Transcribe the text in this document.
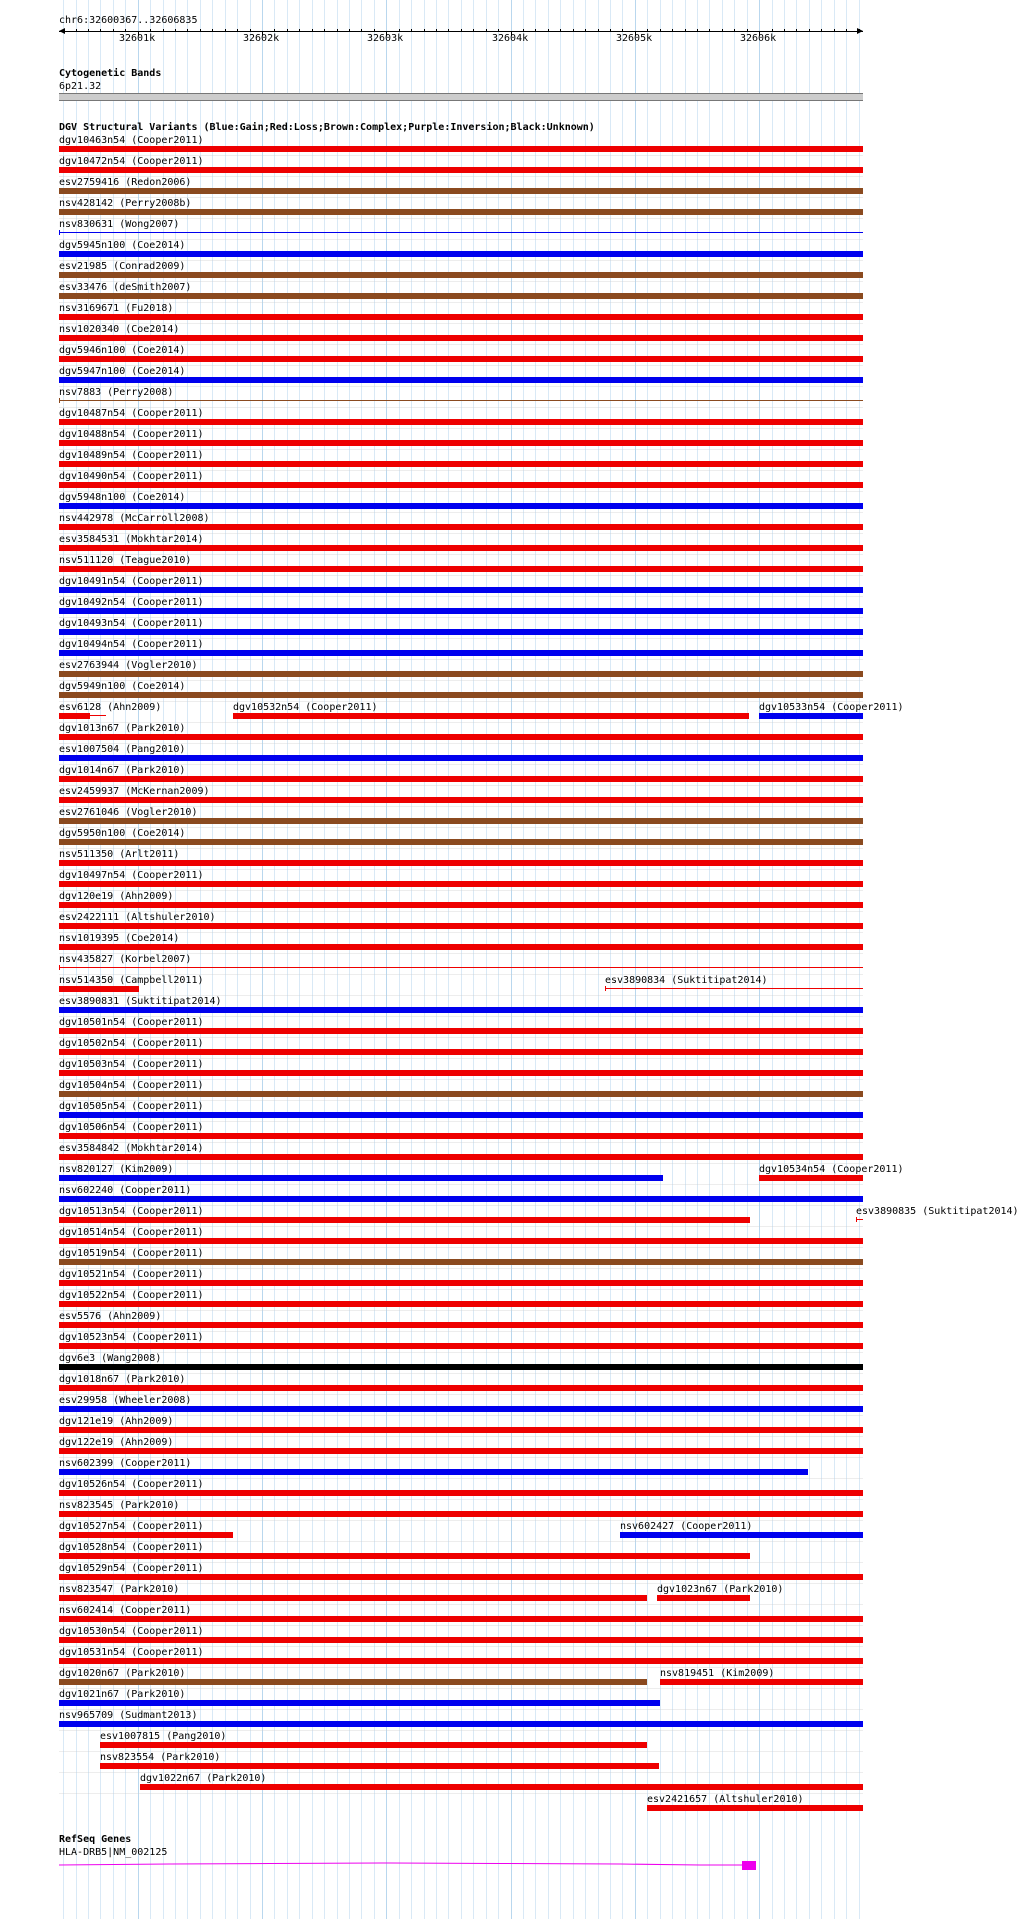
chr6:32600367..32606835
32601k	32602k	32603k	32604k	32605k	32606k
Cytogenetic Bands
6p21.32
DGV Structural Variants (Blue:Gain;Red:Loss;Brown:Complex;Purple:Inversion;Black:Unknown)
dgv10463n54 (Cooper2011)
dgv10472n54 (Cooper2011)
esv2759416 (Redon2006)
nsv428142 (Perry2008b)
nsv830631 (Wong2007)
dgv5945n100 (Coe2014)
esv21985 (Conrad2009)
esv33476 (deSmith2007)
nsv3169671 (Fu2018)
nsv1020340 (Coe2014)
dgv5946n100 (Coe2014)
dgv5947n100 (Coe2014)
nsv7883 (Perry2008)
dgv10487n54 (Cooper2011)
dgv10488n54 (Cooper2011)
dgv10489n54 (Cooper2011)
dgv10490n54 (Cooper2011)
dgv5948n100 (Coe2014)
nsv442978 (McCarroll2008)
esv3584531 (Mokhtar2014)
nsv511120 (Teague2010)
dgv10491n54 (Cooper2011)
dgv10492n54 (Cooper2011)
dgv10493n54 (Cooper2011)
dgv10494n54 (Cooper2011)
esv2763944 (Vogler2010)
dgv5949n100 (Coe2014)
esv6128 (Ahn2009)	dgv10532n54 (Cooper2011)	dgv10533n54 (Cooper2011)
dgv1013n67 (Park2010)
esv1007504 (Pang2010)
dgv1014n67 (Park2010)
esv2459937 (McKernan2009)
esv2761046 (Vogler2010)
dgv5950n100 (Coe2014)
nsv511350 (Arlt2011)
dgv10497n54 (Cooper2011)
dgv120e19 (Ahn2009)
esv2422111 (Altshuler2010)
nsv1019395 (Coe2014)
nsv435827 (Korbel2007)
nsv514350 (Campbell2011)	esv3890834 (Suktitipat2014)
esv3890831 (Suktitipat2014)
dgv10501n54 (Cooper2011)
dgv10502n54 (Cooper2011)
dgv10503n54 (Cooper2011)
dgv10504n54 (Cooper2011)
dgv10505n54 (Cooper2011)
dgv10506n54 (Cooper2011)
esv3584842 (Mokhtar2014)
nsv820127 (Kim2009)	dgv10534n54 (Cooper2011)
nsv602240 (Cooper2011)
dgv10513n54 (Cooper2011)	esv3890835 (Suktitipat2014)
dgv10514n54 (Cooper2011)
dgv10519n54 (Cooper2011)
dgv10521n54 (Cooper2011)
dgv10522n54 (Cooper2011)
esv5576 (Ahn2009)
dgv10523n54 (Cooper2011)
dgv6e3 (Wang2008)
dgv1018n67 (Park2010)
esv29958 (Wheeler2008)
dgv121e19 (Ahn2009)
dgv122e19 (Ahn2009)
nsv602399 (Cooper2011)
dgv10526n54 (Cooper2011)
nsv823545 (Park2010)
dgv10527n54 (Cooper2011)	nsv602427 (Cooper2011)
dgv10528n54 (Cooper2011)
dgv10529n54 (Cooper2011)
nsv823547 (Park2010)	dgv1023n67 (Park2010)
nsv602414 (Cooper2011)
dgv10530n54 (Cooper2011)
dgv10531n54 (Cooper2011)
dgv1020n67 (Park2010)	nsv819451 (Kim2009)
dgv1021n67 (Park2010)
nsv965709 (Sudmant2013)
esv1007815 (Pang2010)
nsv823554 (Park2010)
dgv1022n67 (Park2010)
esv2421657 (Altshuler2010)
RefSeq Genes
HLA-DRB5|NM_002125
